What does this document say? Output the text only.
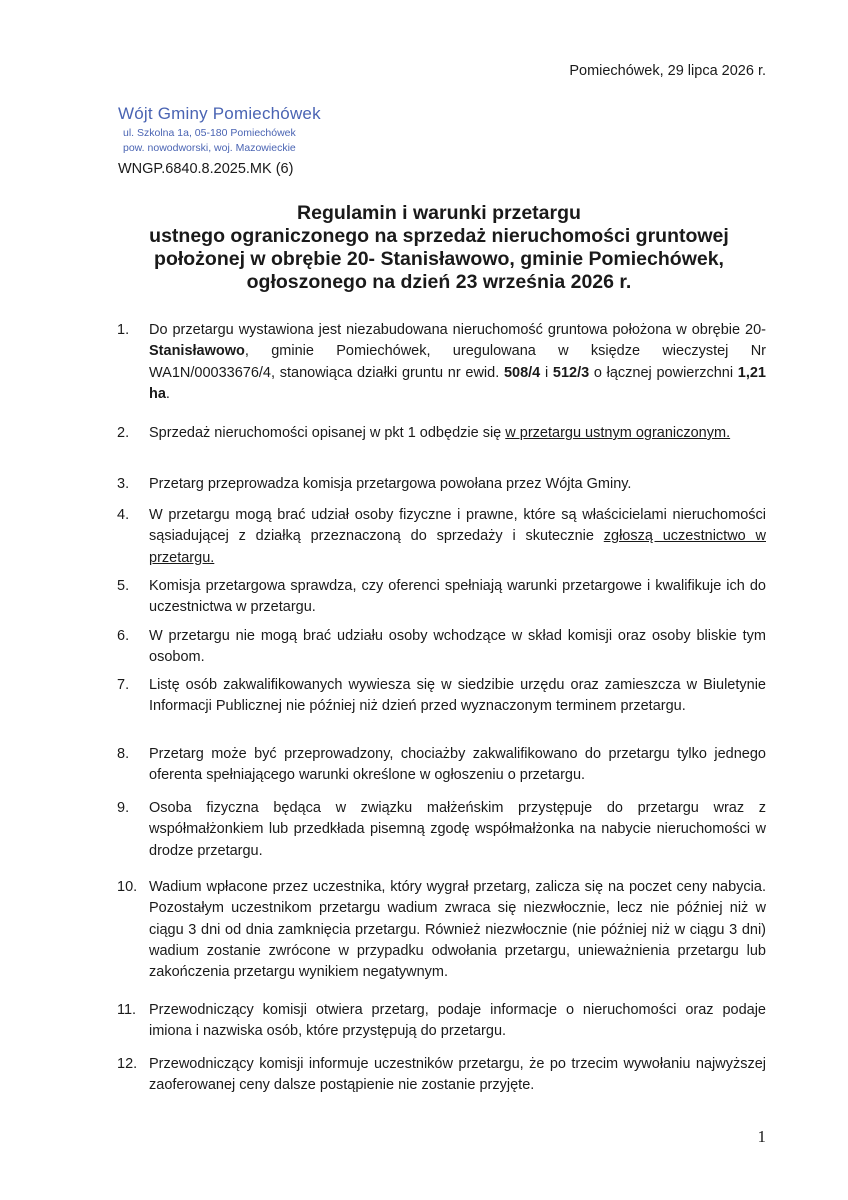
Pomiechówek, 29 lipca 2026 r.
Wójt Gminy Pomiechówek
ul. Szkolna 1a, 05-180 Pomiechówek
pow. nowodworski, woj. Mazowieckie
WNGP.6840.8.2025.MK (6)
Regulamin i warunki przetargu
ustnego ograniczonego na sprzedaż nieruchomości gruntowej
położonej w obrębie 20- Stanisławowo, gminie Pomiechówek,
ogłoszonego na dzień 23 września 2026 r.
1.	Do przetargu wystawiona jest niezabudowana nieruchomość gruntowa położona w obrębie 20- Stanisławowo, gminie Pomiechówek, uregulowana w księdze wieczystej Nr WA1N/00033676/4, stanowiąca działki gruntu nr ewid. 508/4 i 512/3 o łącznej powierzchni 1,21 ha.
2.	Sprzedaż nieruchomości opisanej w pkt 1 odbędzie się w przetargu ustnym ograniczonym.
3.	Przetarg przeprowadza komisja przetargowa powołana przez Wójta Gminy.
4.	W przetargu mogą brać udział osoby fizyczne i prawne, które są właścicielami nieruchomości sąsiadującej z działką przeznaczoną do sprzedaży i skutecznie zgłoszą uczestnictwo w przetargu.
5.	Komisja przetargowa sprawdza, czy oferenci spełniają warunki przetargowe i kwalifikuje ich do uczestnictwa w przetargu.
6.	W przetargu nie mogą brać udziału osoby wchodzące w skład komisji oraz osoby bliskie tym osobom.
7.	Listę osób zakwalifikowanych wywiesza się w siedzibie urzędu oraz zamieszcza w Biuletynie Informacji Publicznej nie później niż dzień przed wyznaczonym terminem przetargu.
8.	Przetarg może być przeprowadzony, chociażby zakwalifikowano do przetargu tylko jednego oferenta spełniającego warunki określone w ogłoszeniu o przetargu.
9.	Osoba fizyczna będąca w związku małżeńskim przystępuje do przetargu wraz z współmałżonkiem lub przedkłada pisemną zgodę współmałżonka na nabycie nieruchomości w drodze przetargu.
10. Wadium wpłacone przez uczestnika, który wygrał przetarg, zalicza się na poczet ceny nabycia. Pozostałym uczestnikom przetargu wadium zwraca się niezwłocznie, lecz nie później niż w ciągu 3 dni od dnia zamknięcia przetargu. Również niezwłocznie (nie później niż w ciągu 3 dni) wadium zostanie zwrócone w przypadku odwołania przetargu, unieważnienia przetargu lub zakończenia przetargu wynikiem negatywnym.
11. Przewodniczący komisji otwiera przetarg, podaje informacje o nieruchomości oraz podaje imiona i nazwiska osób, które przystępują do przetargu.
12. Przewodniczący komisji informuje uczestników przetargu, że po trzecim wywołaniu najwyższej zaoferowanej ceny dalsze postąpienie nie zostanie przyjęte.
1
